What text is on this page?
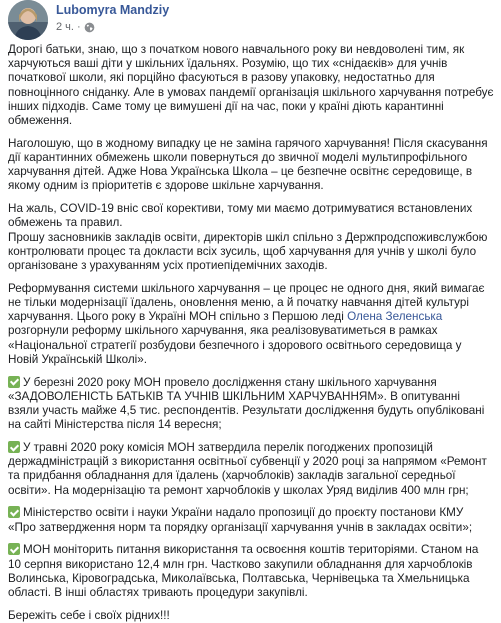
Lubomyra Mandziy
2 ч. ·

Дорогі батьки, знаю, що з початком нового навчального року ви невдоволені тим, як харчуються ваші діти у шкільних їдальнях. Розумію, що тих «снідаєків» для учнів початкової школи, які порційно фасуються в разову упаковку, недостатньо для повноцінного сніданку. Але в умовах пандемії організація шкільного харчування потребує інших підходів. Саме тому це вимушені дії на час, поки у країні діють карантинні обмеження.

Наголошую, що в жодному випадку це не заміна гарячого харчування! Після скасування дії карантинних обмежень школи повернуться до звичної моделі мультипрофільного харчування дітей. Адже Нова Українська Школа – це безпечне освітнє середовище, в якому одним із пріоритетів є здорове шкільне харчування.

На жаль, COVID-19 вніс свої корективи, тому ми маємо дотримуватися встановлених обмежень та правил.
Прошу засновників закладів освіти, директорів шкіл спільно з Держпродспоживслужбою контролювати процес та докласти всіх зусиль, щоб харчування для учнів у школі було організоване з урахуванням усіх протиепідемічних заходів.

Реформування системи шкільного харчування – це процес не одного дня, який вимагає не тільки модернізації їдалень, оновлення меню, а й початку навчання дітей культурі харчування. Цього року в Україні МОН спільно з Першою леді Олена Зеленська розгорнули реформу шкільного харчування, яка реалізовуватиметься в рамках «Національної стратегії розбудови безпечного і здорового освітнього середовища у Новій Українській Школі».

У березні 2020 року МОН провело дослідження стану шкільного харчування «ЗАДОВОЛЕНІСТЬ БАТЬКІВ ТА УЧНІВ ШКІЛЬНИМ ХАРЧУВАННЯМ». В опитуванні взяли участь майже 4,5 тис. респондентів. Результати дослідження будуть опубліковані на сайті Міністерства після 14 вересня;

У травні 2020 року комісія МОН затвердила перелік погоджених пропозицій держадміністрацій з використання освітньої субвенції у 2020 році за напрямом «Ремонт та придбання обладнання для їдалень (харчоблоків) закладів загальної середньої освіти». На модернізацію та ремонт харчоблоків у школах Уряд виділив 400 млн грн;

Міністерство освіти і науки України надало пропозиції до проєкту постанови КМУ «Про затвердження норм та порядку організації харчування учнів в закладах освіти»;

МОН моніторить питання використання та освоєння коштів територіями. Станом на 10 серпня використано 12,4 млн грн. Частково закупили обладнання для харчоблоків Волинська, Кіровоградська, Миколаївська, Полтавська, Чернівецька та Хмельницька області. В інші областях тривають процедури закупівлі.

Бережіть себе і своїх рідних!!!
